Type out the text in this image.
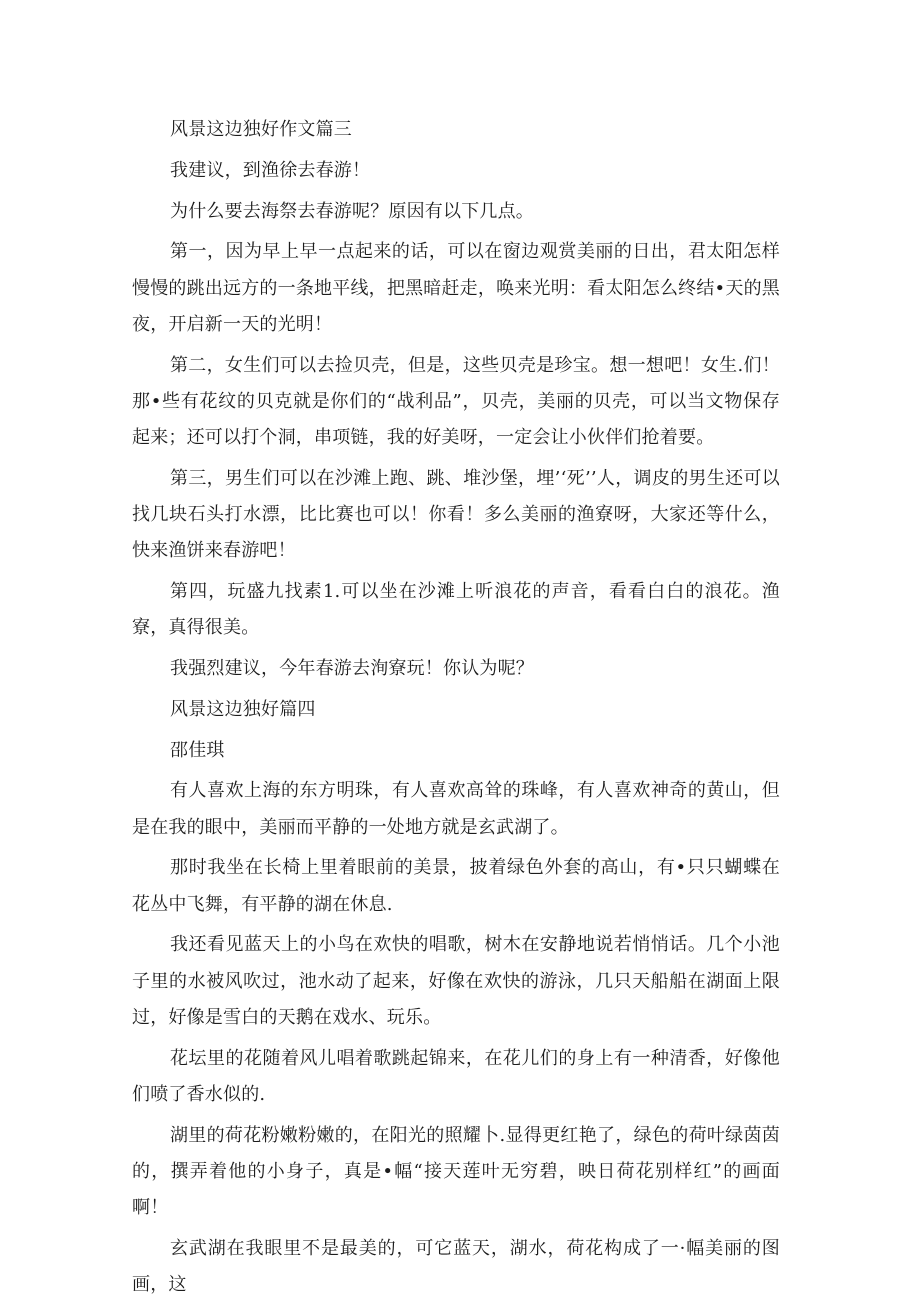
风景这边独好作文篇三

我建议，到渔徐去春游！

为什么要去海祭去春游呢？原因有以下几点。

第一，因为早上早一点起来的话，可以在窗边观赏美丽的日出，君太阳怎样慢慢的跳出远方的一条地平线，把黑暗赶走，唤来光明：看太阳怎么终结•天的黑夜，开启新一天的光明！

第二，女生们可以去捡贝壳，但是，这些贝壳是珍宝。想一想吧！女生.们！那•些有花纹的贝克就是你们的“战利品”，贝壳，美丽的贝壳，可以当文物保存起来；还可以打个洞，串项链，我的好美呀，一定会让小伙伴们抢着要。

第三，男生们可以在沙滩上跑、跳、堆沙堡，埋’‘死’’人，调皮的男生还可以找几块石头打水漂，比比赛也可以！你看！多么美丽的渔寮呀，大家还等什么，快来渔饼来春游吧！

第四，玩盛九找素1.可以坐在沙滩上听浪花的声音，看看白白的浪花。渔寮，真得很美。

我强烈建议，今年春游去洵寮玩！你认为呢？

风景这边独好篇四

邵佳琪

有人喜欢上海的东方明珠，有人喜欢高耸的珠峰，有人喜欢神奇的黄山，但是在我的眼中，美丽而平静的一处地方就是玄武湖了。

那时我坐在长椅上里着眼前的美景，披着绿色外套的高山，有•只只蝴蝶在花丛中飞舞，有平静的湖在休息.

我还看见蓝天上的小鸟在欢快的唱歌，树木在安静地说若悄悄话。几个小池子里的水被风吹过，池水动了起来，好像在欢快的游泳，几只天船船在湖面上限过，好像是雪白的天鹅在戏水、玩乐。

花坛里的花随着风儿唱着歌跳起锦来，在花儿们的身上有一种清香，好像他们喷了香水似的.

湖里的荷花粉嫩粉嫩的，在阳光的照耀卜.显得更红艳了，绿色的荷叶绿茵茵的，撰弄着他的小身子，真是•幅“接天莲叶无穷碧，映日荷花别样红”的画面啊！

玄武湖在我眼里不是最美的，可它蓝天，湖水，荷花构成了一·幅美丽的图画，这
